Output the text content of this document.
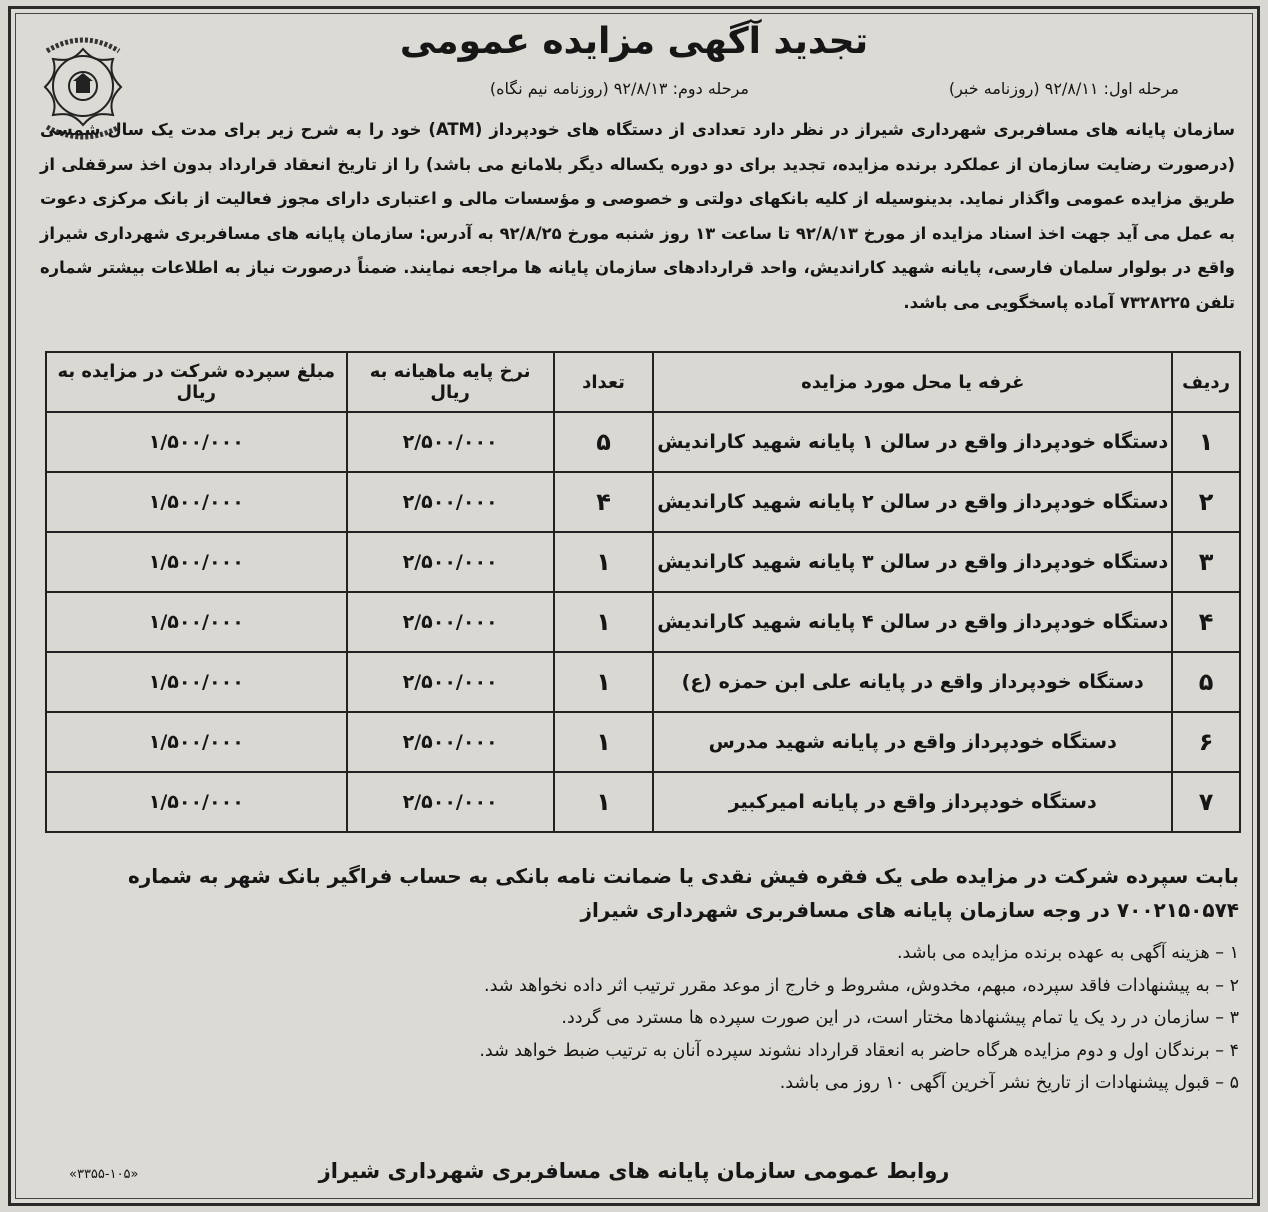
تجدید آگهی مزایده عمومی
مرحله اول: ۹۲/۸/۱۱ (روزنامه خبر)
مرحله دوم: ۹۲/۸/۱۳ (روزنامه نیم نگاه)
سازمان پایانه های مسافربری شهرداری شیراز در نظر دارد تعدادی از دستگاه های خودپرداز (ATM) خود را به شرح زیر برای مدت یک سال شمسی (درصورت رضایت سازمان از عملکرد برنده مزایده، تجدید برای دو دوره یکساله دیگر بلامانع می باشد) را از تاریخ انعقاد قرارداد بدون اخذ سرقفلی از طریق مزایده عمومی واگذار نماید. بدینوسیله از کلیه بانکهای دولتی و خصوصی و مؤسسات مالی و اعتباری دارای مجوز فعالیت از بانک مرکزی دعوت به عمل می آید جهت اخذ اسناد مزایده از مورخ ۹۲/۸/۱۳ تا ساعت ۱۳ روز شنبه مورخ ۹۲/۸/۲۵ به آدرس: سازمان پایانه های مسافربری شهرداری شیراز واقع در بولوار سلمان فارسی، پایانه شهید کاراندیش، واحد قراردادهای سازمان پایانه ها مراجعه نمایند. ضمناً درصورت نیاز به اطلاعات بیشتر شماره تلفن ۷۳۲۸۲۲۵ آماده پاسخگویی می باشد.
ردیف	غرفه یا محل مورد مزایده	تعداد	نرخ پایه ماهیانه به ریال	مبلغ سپرده شرکت در مزایده به ریال
۱	دستگاه خودپرداز واقع در سالن ۱ پایانه شهید کاراندیش	۵	۲/۵۰۰/۰۰۰	۱/۵۰۰/۰۰۰
۲	دستگاه خودپرداز واقع در سالن ۲ پایانه شهید کاراندیش	۴	۲/۵۰۰/۰۰۰	۱/۵۰۰/۰۰۰
۳	دستگاه خودپرداز واقع در سالن ۳ پایانه شهید کاراندیش	۱	۲/۵۰۰/۰۰۰	۱/۵۰۰/۰۰۰
۴	دستگاه خودپرداز واقع در سالن ۴ پایانه شهید کاراندیش	۱	۲/۵۰۰/۰۰۰	۱/۵۰۰/۰۰۰
۵	دستگاه خودپرداز واقع در پایانه علی ابن حمزه (ع)	۱	۲/۵۰۰/۰۰۰	۱/۵۰۰/۰۰۰
۶	دستگاه خودپرداز واقع در پایانه شهید مدرس	۱	۲/۵۰۰/۰۰۰	۱/۵۰۰/۰۰۰
۷	دستگاه خودپرداز واقع در پایانه امیرکبیر	۱	۲/۵۰۰/۰۰۰	۱/۵۰۰/۰۰۰
بابت سپرده شرکت در مزایده طی یک فقره فیش نقدی یا ضمانت نامه بانکی به حساب فراگیر بانک شهر به شماره ۷۰۰۲۱۵۰۵۷۴ در وجه سازمان پایانه های مسافربری شهرداری شیراز
۱ – هزینه آگهی به عهده برنده مزایده می باشد.
۲ – به پیشنهادات فاقد سپرده، مبهم، مخدوش، مشروط و خارج از موعد مقرر ترتیب اثر داده نخواهد شد.
۳ – سازمان در رد یک یا تمام پیشنهادها مختار است، در این صورت سپرده ها مسترد می گردد.
۴ – برندگان اول و دوم مزایده هرگاه حاضر به انعقاد قرارداد نشوند سپرده آنان به ترتیب ضبط خواهد شد.
۵ – قبول پیشنهادات از تاریخ نشر آخرین آگهی ۱۰ روز می باشد.
روابط عمومی سازمان پایانه های مسافربری شهرداری شیراز
«۳۳۵۵-۱۰۵»
